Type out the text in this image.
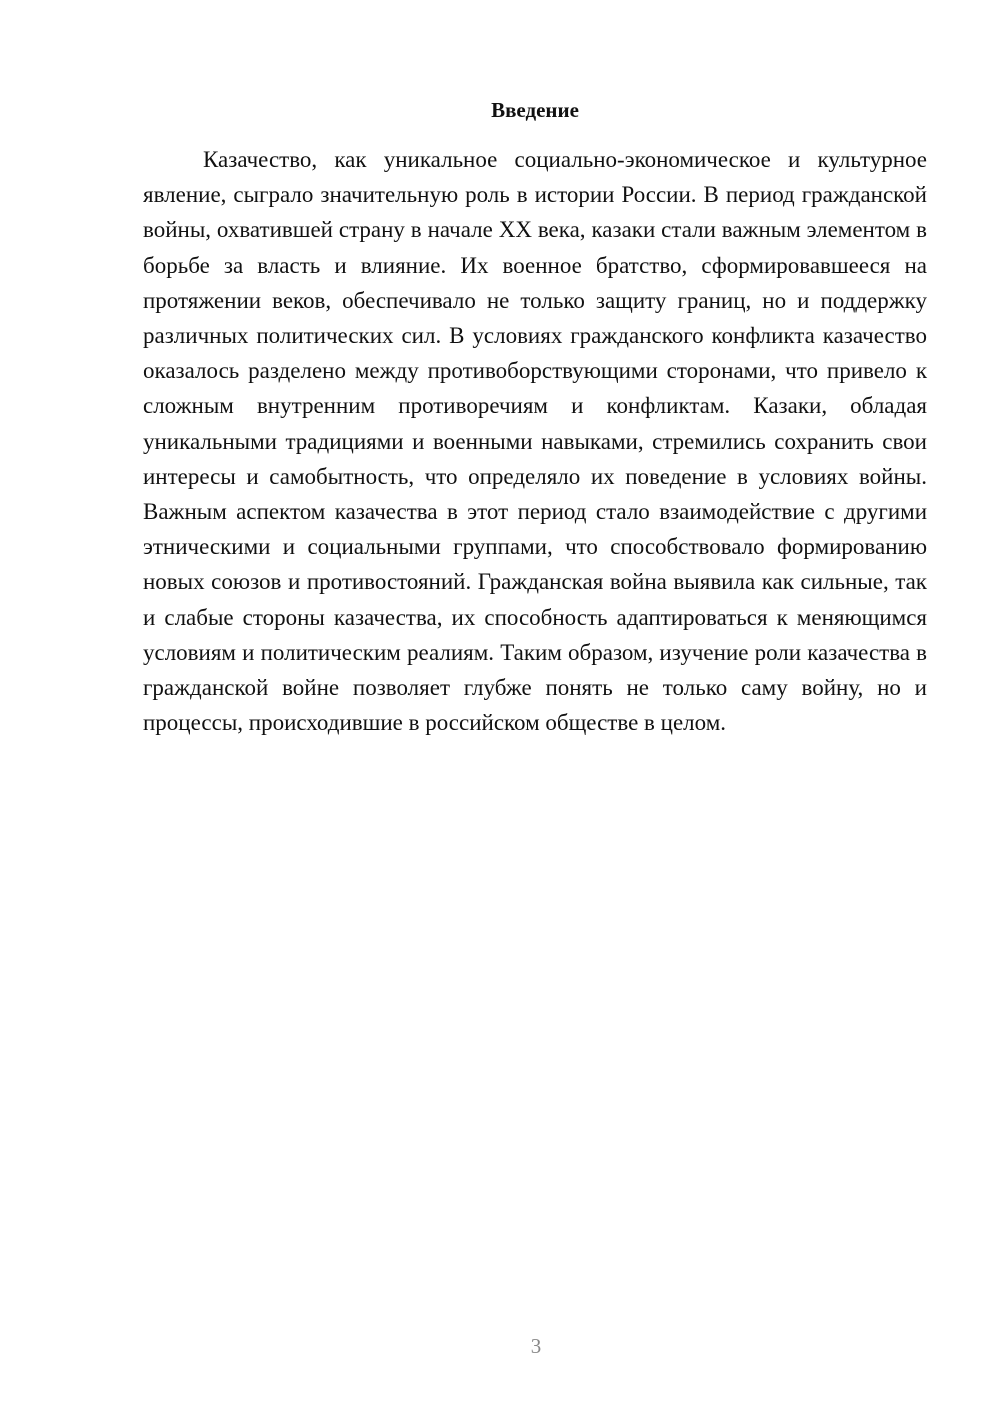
Введение

Казачество, как уникальное социально-экономическое и культурное явление, сыграло значительную роль в истории России. В период гражданской войны, охватившей страну в начале XX века, казаки стали важным элементом в борьбе за власть и влияние. Их военное братство, сформировавшееся на протяжении веков, обеспечивало не только защиту границ, но и поддержку различных политических сил. В условиях гражданского конфликта казачество оказалось разделено между противоборствующими сторонами, что привело к сложным внутренним противоречиям и конфликтам. Казаки, обладая уникальными традициями и военными навыками, стремились сохранить свои интересы и самобытность, что определяло их поведение в условиях войны. Важным аспектом казачества в этот период стало взаимодействие с другими этническими и социальными группами, что способствовало формированию новых союзов и противостояний. Гражданская война выявила как сильные, так и слабые стороны казачества, их способность адаптироваться к меняющимся условиям и политическим реалиям. Таким образом, изучение роли казачества в гражданской войне позволяет глубже понять не только саму войну, но и процессы, происходившие в российском обществе в целом.

3
